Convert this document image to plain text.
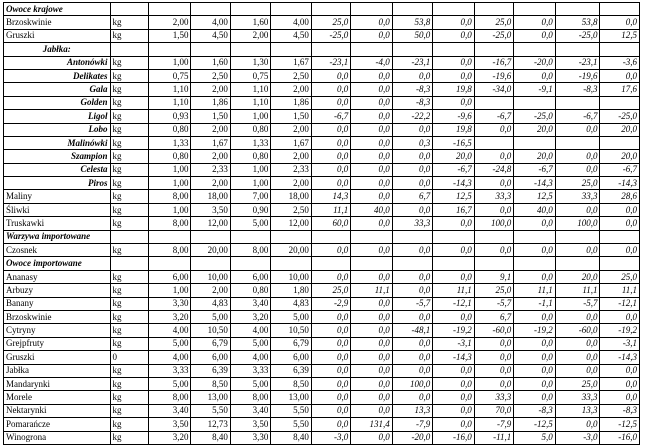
Owoce krajowe													
Brzoskwinie	kg	2,00	4,00	1,60	4,00	25,0	0,0	53,8	0,0	25,0	0,0	53,8	0,0
Gruszki	kg	1,50	4,50	2,00	4,50	-25,0	0,0	50,0	0,0	-25,0	0,0	-25,0	12,5
Jabłka:													
Antonówki	kg	1,00	1,60	1,30	1,67	-23,1	-4,0	-23,1	0,0	-16,7	-20,0	-23,1	-3,6
Delikates	kg	0,75	2,50	0,75	2,50	0,0	0,0	0,0	0,0	-19,6	0,0	-19,6	0,0
Gala	kg	1,10	2,00	1,10	2,00	0,0	0,0	-8,3	19,8	-34,0	-9,1	-8,3	17,6
Golden	kg	1,10	1,86	1,10	1,86	0,0	0,0	-8,3	0,0				
Ligol	kg	0,93	1,50	1,00	1,50	-6,7	0,0	-22,2	-9,6	-6,7	-25,0	-6,7	-25,0
Lobo	kg	0,80	2,00	0,80	2,00	0,0	0,0	0,0	19,8	0,0	20,0	0,0	20,0
Malinówki	kg	1,33	1,67	1,33	1,67	0,0	0,0	0,3	-16,5				
Szampion	kg	0,80	2,00	0,80	2,00	0,0	0,0	0,0	20,0	0,0	20,0	0,0	20,0
Celesta	kg	1,00	2,33	1,00	2,33	0,0	0,0	0,0	-6,7	-24,8	-6,7	0,0	-6,7
Piros	kg	1,00	2,00	1,00	2,00	0,0	0,0	0,0	-14,3	0,0	-14,3	25,0	-14,3
Maliny	kg	8,00	18,00	7,00	18,00	14,3	0,0	6,7	12,5	33,3	12,5	33,3	28,6
Śliwki	kg	1,00	3,50	0,90	2,50	11,1	40,0	0,0	16,7	0,0	40,0	0,0	0,0
Truskawki	kg	8,00	12,00	5,00	12,00	60,0	0,0	33,3	0,0	100,0	0,0	100,0	0,0
Warzywa importowane													
Czosnek	kg	8,00	20,00	8,00	20,00	0,0	0,0	0,0	0,0	0,0	0,0	0,0	0,0
Owoce importowane													
Ananasy	kg	6,00	10,00	6,00	10,00	0,0	0,0	0,0	0,0	9,1	0,0	20,0	25,0
Arbuzy	kg	1,00	2,00	0,80	1,80	25,0	11,1	0,0	11,1	25,0	11,1	11,1	11,1
Banany	kg	3,30	4,83	3,40	4,83	-2,9	0,0	-5,7	-12,1	-5,7	-1,1	-5,7	-12,1
Brzoskwinie	kg	3,20	5,00	3,20	5,00	0,0	0,0	0,0	0,0	6,7	0,0	0,0	0,0
Cytryny	kg	4,00	10,50	4,00	10,50	0,0	0,0	-48,1	-19,2	-60,0	-19,2	-60,0	-19,2
Grejpfruty	kg	5,00	6,79	5,00	6,79	0,0	0,0	0,0	-3,1	0,0	0,0	0,0	-3,1
Gruszki	0	4,00	6,00	4,00	6,00	0,0	0,0	0,0	-14,3	0,0	0,0	0,0	-14,3
Jabłka	kg	3,33	6,39	3,33	6,39	0,0	0,0	0,0	0,0	0,0	0,0	0,0	0,0
Mandarynki	kg	5,00	8,50	5,00	8,50	0,0	0,0	100,0	0,0	0,0	0,0	25,0	0,0
Morele	kg	8,00	13,00	8,00	13,00	0,0	0,0	0,0	0,0	33,3	0,0	33,3	0,0
Nektarynki	kg	3,40	5,50	3,40	5,50	0,0	0,0	13,3	0,0	70,0	-8,3	13,3	-8,3
Pomarańcze	kg	3,50	12,73	3,50	5,50	0,0	131,4	-7,9	0,0	-7,9	-12,5	0,0	-12,5
Winogrona	kg	3,20	8,40	3,30	8,40	-3,0	0,0	-20,0	-16,0	-11,1	5,0	-3,0	-16,0
